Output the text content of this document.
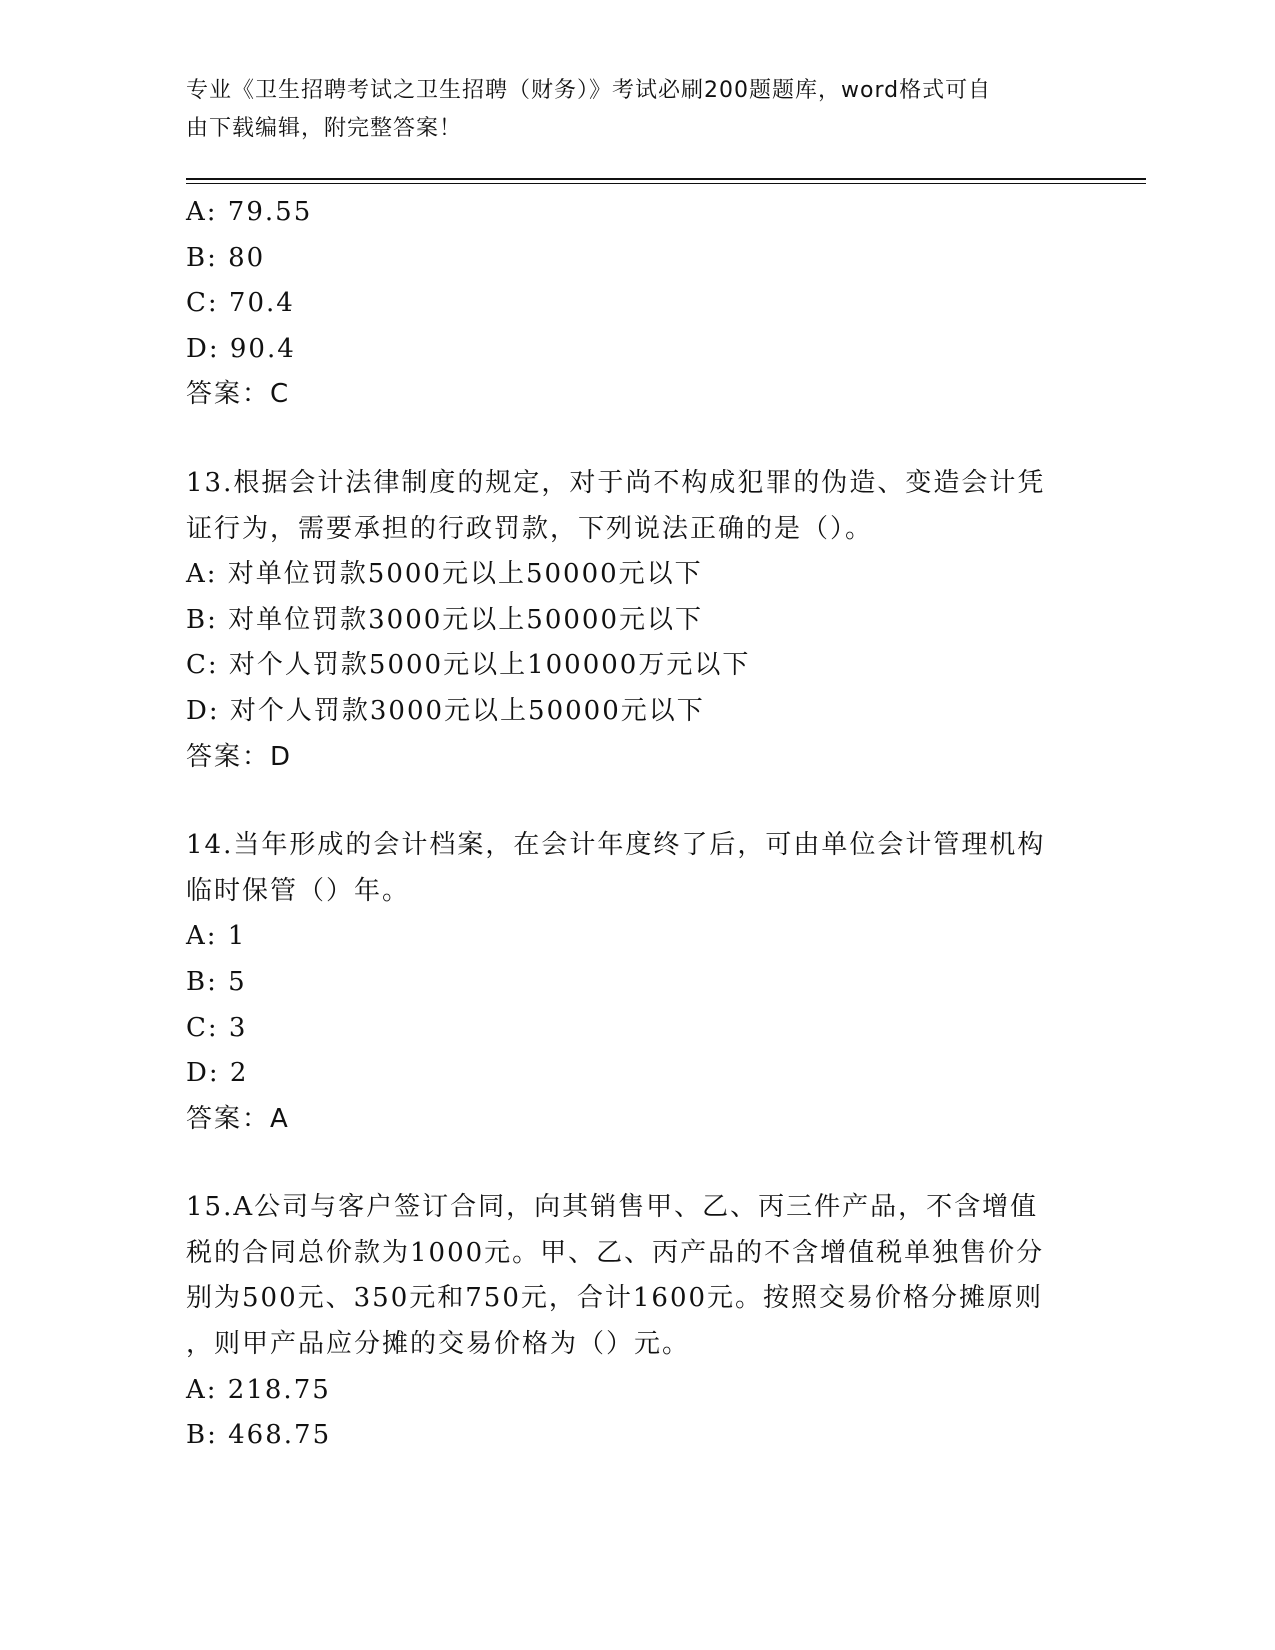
专业《卫生招聘考试之卫生招聘（财务）》考试必刷200题题库，word格式可自
由下载编辑，附完整答案！
A: 79.55
B: 80
C: 70.4
D: 90.4
答案：C
13.根据会计法律制度的规定，对于尚不构成犯罪的伪造、变造会计凭
证行为，需要承担的行政罚款，下列说法正确的是（）。
A: 对单位罚款5000元以上50000元以下
B: 对单位罚款3000元以上50000元以下
C: 对个人罚款5000元以上100000万元以下
D: 对个人罚款3000元以上50000元以下
答案：D
14.当年形成的会计档案，在会计年度终了后，可由单位会计管理机构
临时保管（）年。
A: 1
B: 5
C: 3
D: 2
答案：A
15.A公司与客户签订合同，向其销售甲、乙、丙三件产品，不含增值
税的合同总价款为1000元。甲、乙、丙产品的不含增值税单独售价分
别为500元、350元和750元，合计1600元。按照交易价格分摊原则
，则甲产品应分摊的交易价格为（）元。
A: 218.75
B: 468.75
